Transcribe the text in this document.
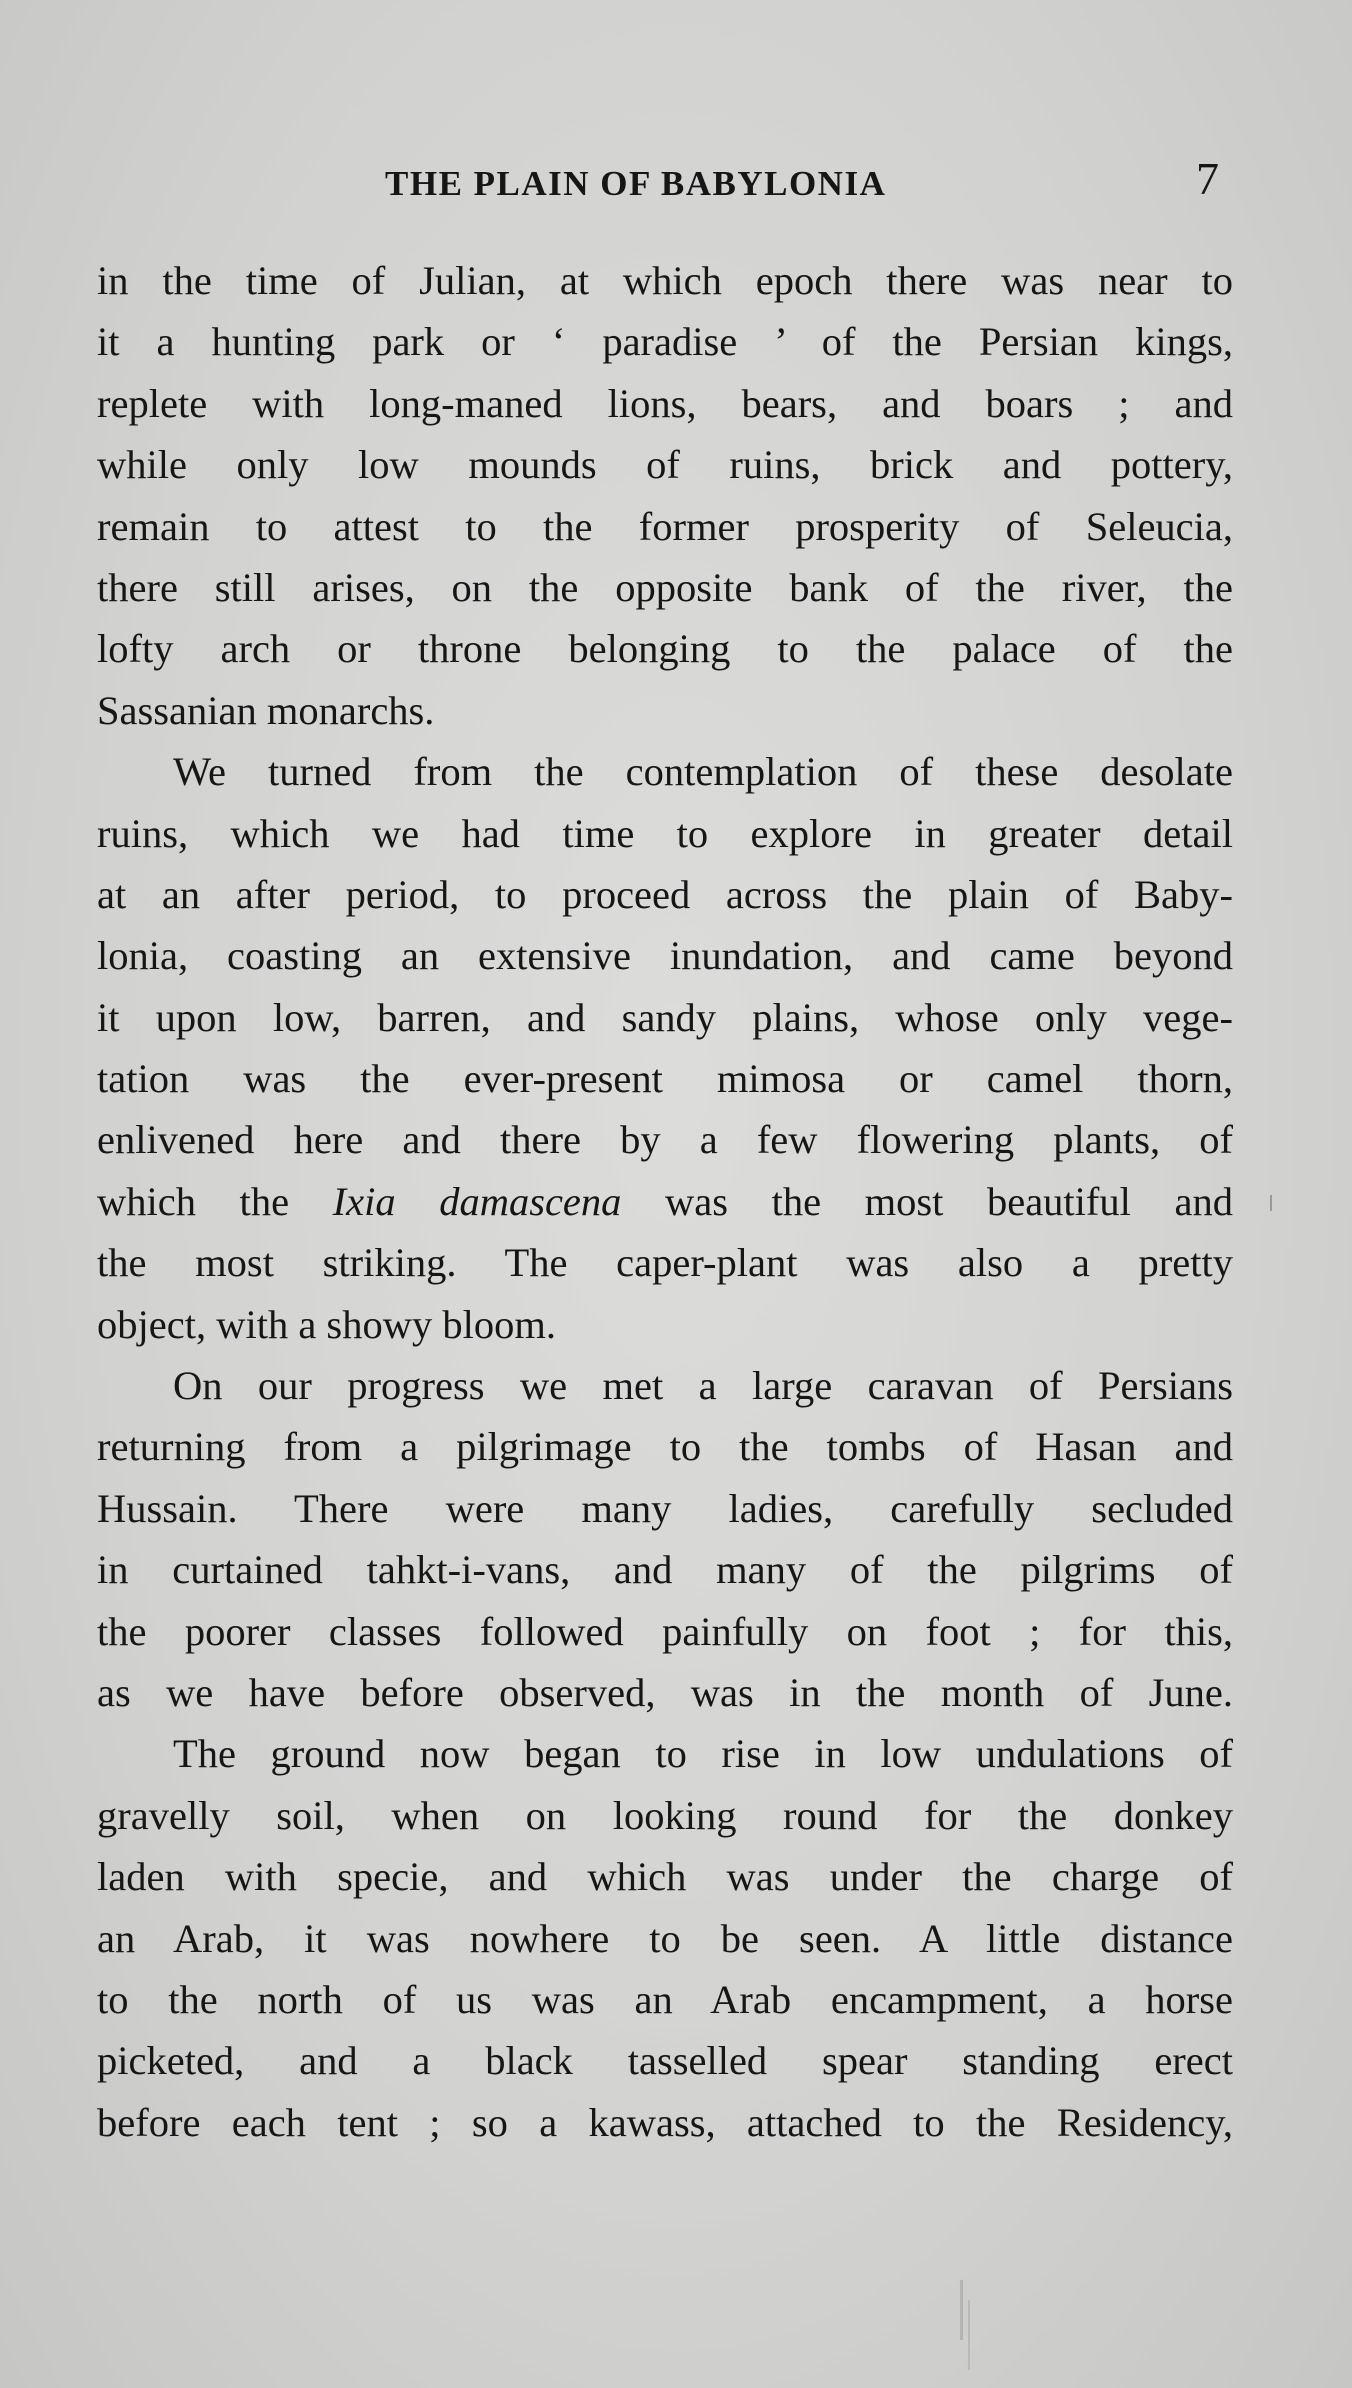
THE PLAIN OF BABYLONIA	7
in the time of Julian, at which epoch there was near to
it a hunting park or ‘ paradise ’ of the Persian kings,
replete with long-maned lions, bears, and boars ; and
while only low mounds of ruins, brick and pottery,
remain to attest to the former prosperity of Seleucia,
there still arises, on the opposite bank of the river, the
lofty arch or throne belonging to the palace of the
Sassanian monarchs.
We turned from the contemplation of these desolate
ruins, which we had time to explore in greater detail
at an after period, to proceed across the plain of Baby-
lonia, coasting an extensive inundation, and came beyond
it upon low, barren, and sandy plains, whose only vege-
tation was the ever-present mimosa or camel thorn,
enlivened here and there by a few flowering plants, of
which the Ixia damascena was the most beautiful and
the most striking. The caper-plant was also a pretty
object, with a showy bloom.
On our progress we met a large caravan of Persians
returning from a pilgrimage to the tombs of Hasan and
Hussain. There were many ladies, carefully secluded
in curtained tahkt-i-vans, and many of the pilgrims of
the poorer classes followed painfully on foot ; for this,
as we have before observed, was in the month of June.
The ground now began to rise in low undulations of
gravelly soil, when on looking round for the donkey
laden with specie, and which was under the charge of
an Arab, it was nowhere to be seen. A little distance
to the north of us was an Arab encampment, a horse
picketed, and a black tasselled spear standing erect
before each tent ; so a kawass, attached to the Residency,
